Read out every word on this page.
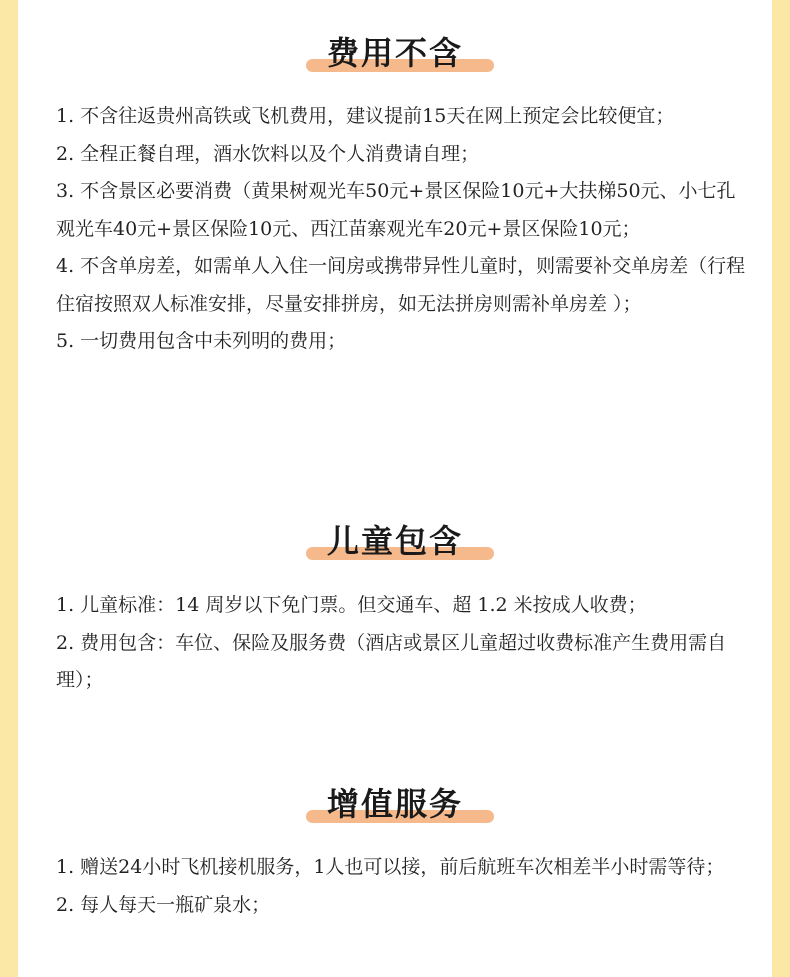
费用不含
1. 不含往返贵州高铁或飞机费用，建议提前15天在网上预定会比较便宜；
2. 全程正餐自理，酒水饮料以及个人消费请自理；
3. 不含景区必要消费（黄果树观光车50元+景区保险10元+大扶梯50元、小七孔观光车40元+景区保险10元、西江苗寨观光车20元+景区保险10元；
4. 不含单房差，如需单人入住一间房或携带异性儿童时，则需要补交单房差（行程住宿按照双人标准安排，尽量安排拼房，如无法拼房则需补单房差 ）；
5. 一切费用包含中未列明的费用；
儿童包含
1. 儿童标准：14 周岁以下免门票。但交通车、超 1.2 米按成人收费；
2. 费用包含：车位、保险及服务费（酒店或景区儿童超过收费标准产生费用需自理）；
增值服务
1. 赠送24小时飞机接机服务，1人也可以接，前后航班车次相差半小时需等待；
2. 每人每天一瓶矿泉水；
